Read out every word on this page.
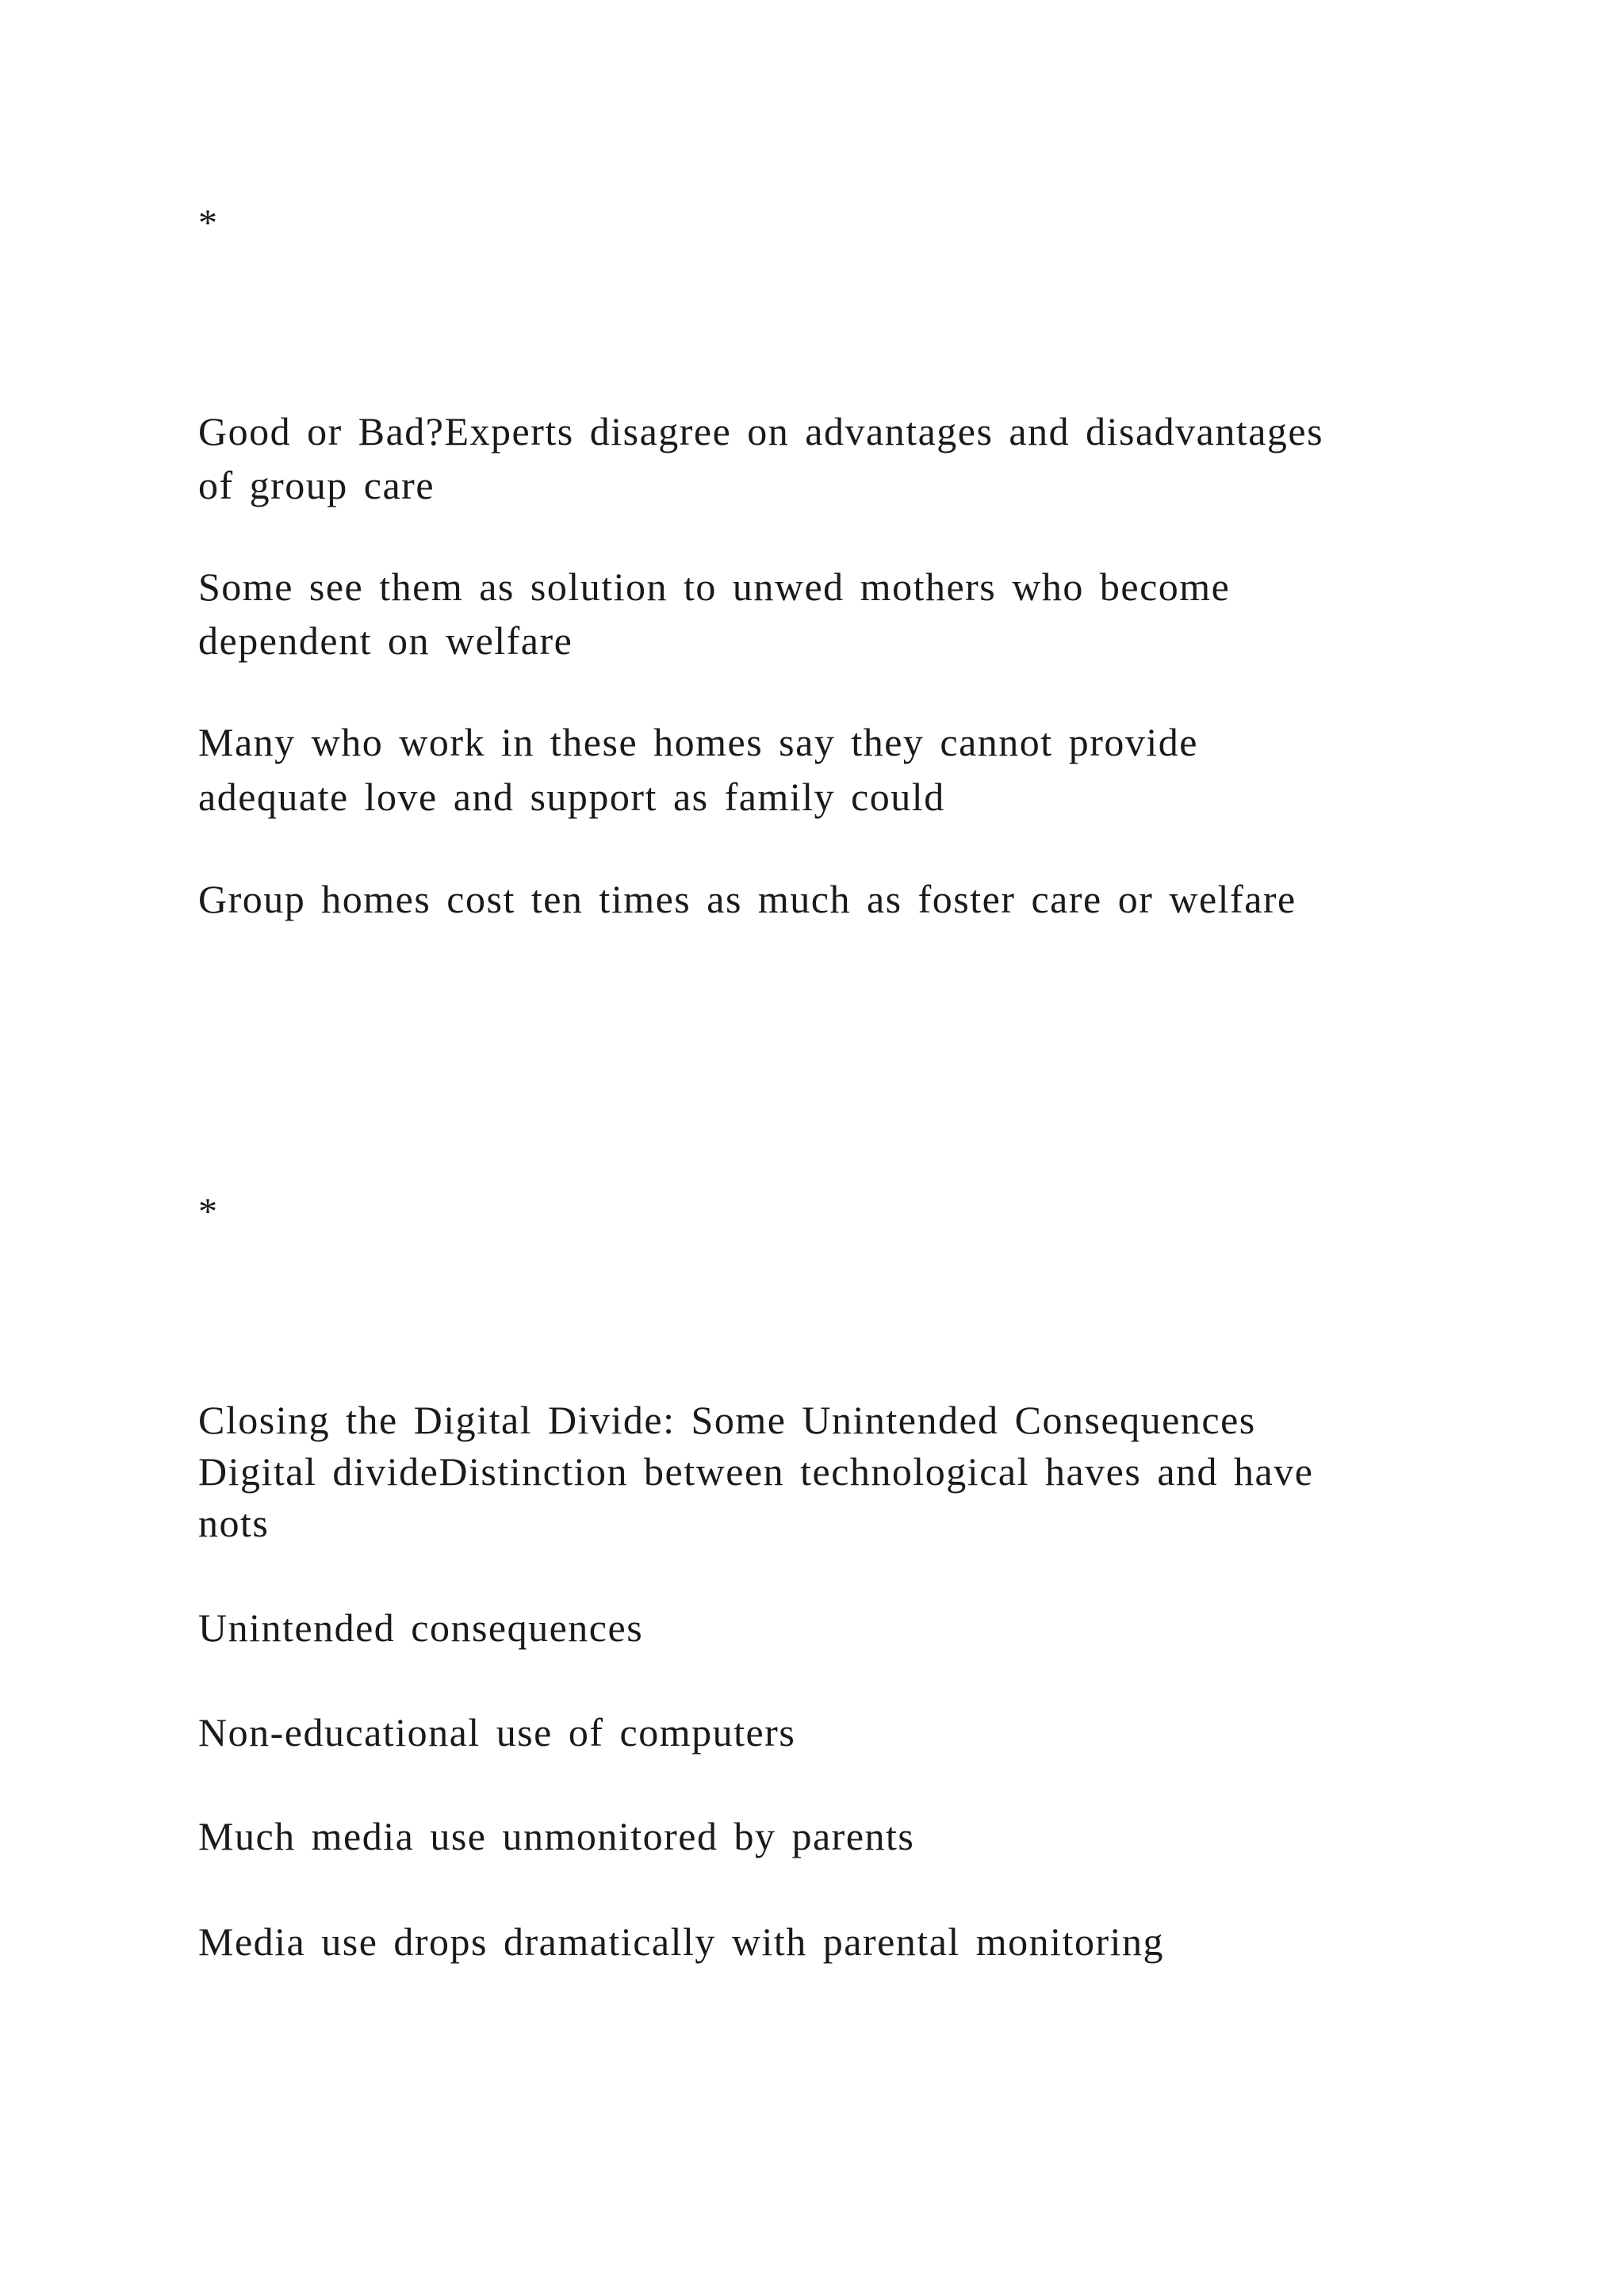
*

Good or Bad?Experts disagree on advantages and disadvantages

of group care

Some see them as solution to unwed mothers who become

dependent on welfare

Many who work in these homes say they cannot provide

adequate love and support as family could

Group homes cost ten times as much as foster care or welfare

*

Closing the Digital Divide: Some Unintended Consequences

Digital divideDistinction between technological haves and have

nots

Unintended consequences

Non-educational use of computers

Much media use unmonitored by parents

Media use drops dramatically with parental monitoring
